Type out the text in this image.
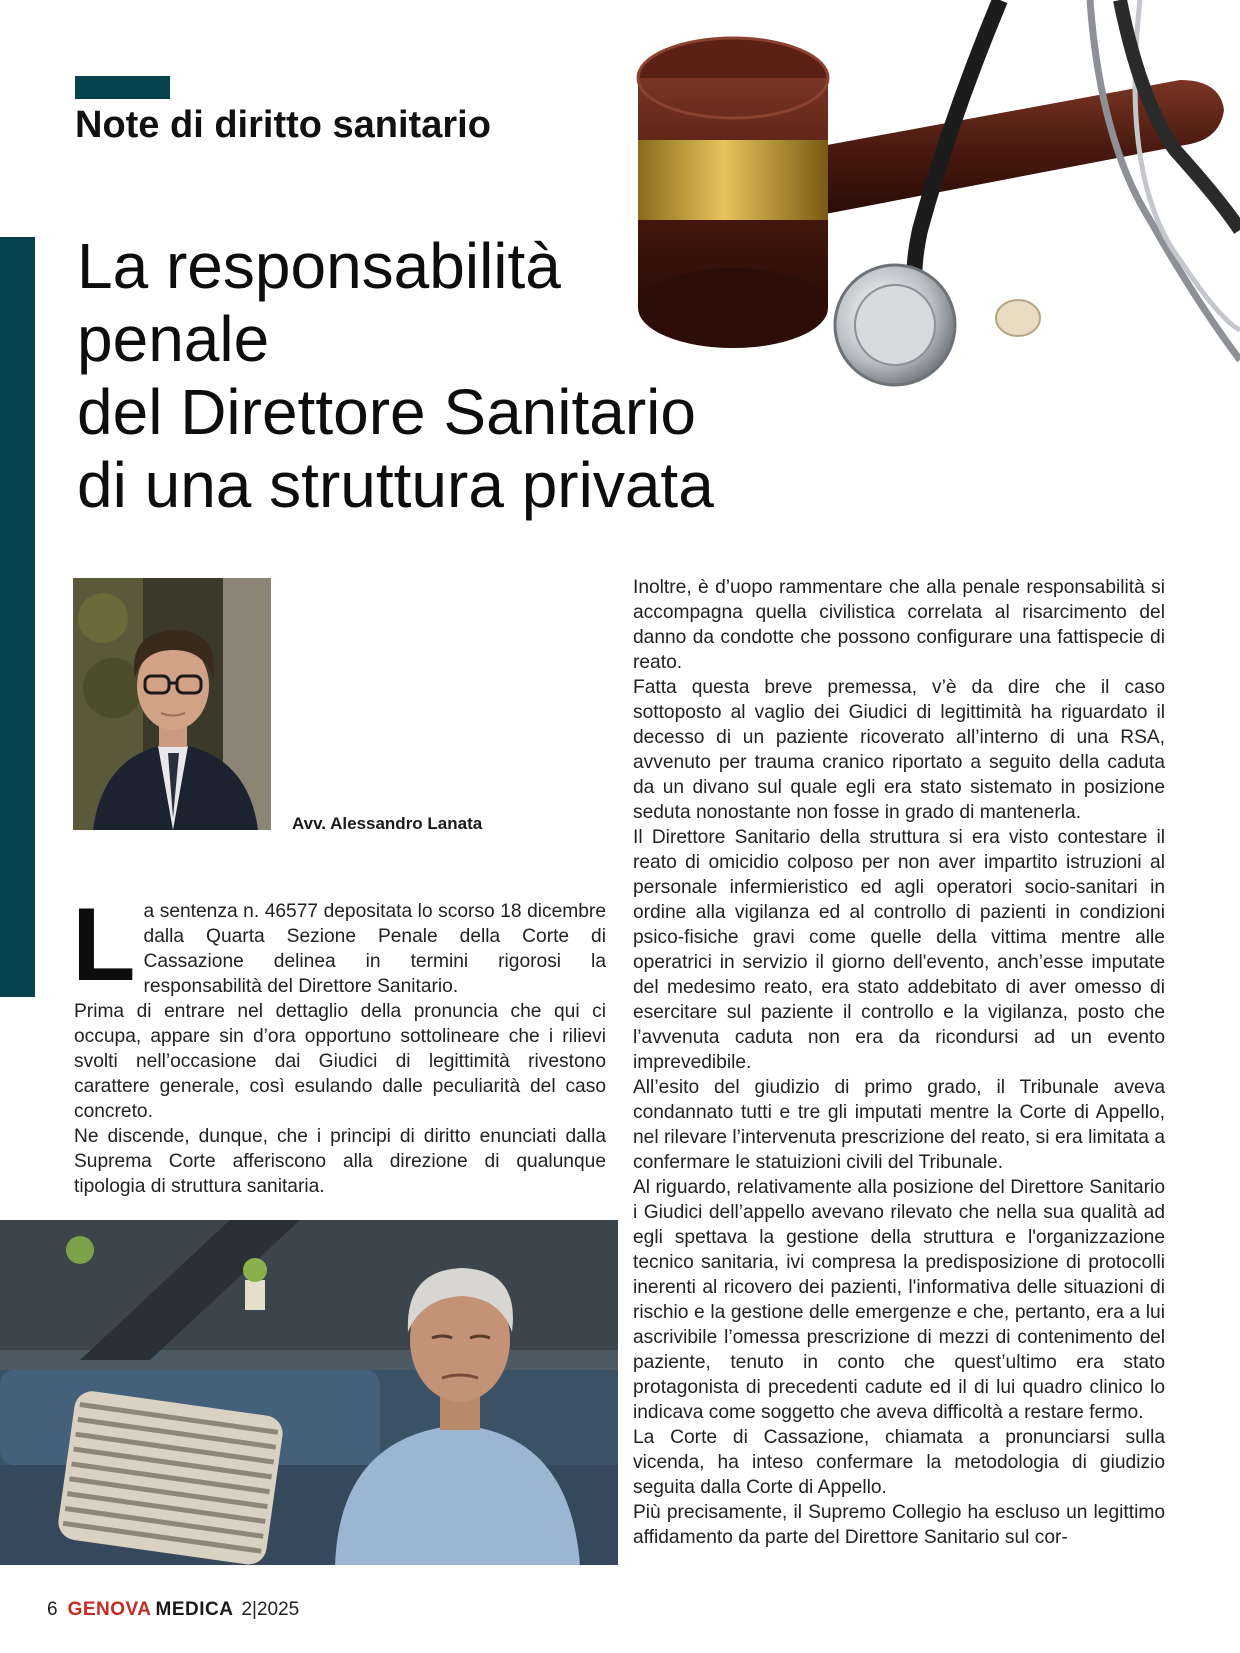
Note di diritto sanitario
La responsabilità
penale
del Direttore Sanitario
di una struttura privata

Avv. Alessandro Lanata

La sentenza n. 46577 depositata lo scorso 18 dicembre dalla Quarta Sezione Penale della Corte di Cassazione delinea in termini rigorosi la responsabilità del Direttore Sanitario.

Prima di entrare nel dettaglio della pronuncia che qui ci occupa, appare sin d’ora opportuno sottolineare che i rilievi svolti nell’occasione dai Giudici di legittimità rivestono carattere generale, così esulando dalle peculiarità del caso concreto.

Ne discende, dunque, che i principi di diritto enunciati dalla Suprema Corte afferiscono alla direzione di qualunque tipologia di struttura sanitaria.

Inoltre, è d’uopo rammentare che alla penale responsabilità si accompagna quella civilistica correlata al risarcimento del danno da condotte che possono configurare una fattispecie di reato.

Fatta questa breve premessa, v’è da dire che il caso sottoposto al vaglio dei Giudici di legittimità ha riguardato il decesso di un paziente ricoverato all’interno di una RSA, avvenuto per trauma cranico riportato a seguito della caduta da un divano sul quale egli era stato sistemato in posizione seduta nonostante non fosse in grado di mantenerla.

Il Direttore Sanitario della struttura si era visto contestare il reato di omicidio colposo per non aver impartito istruzioni al personale infermieristico ed agli operatori socio-sanitari in ordine alla vigilanza ed al controllo di pazienti in condizioni psico-fisiche gravi come quelle della vittima mentre alle operatrici in servizio il giorno dell'evento, anch’esse imputate del medesimo reato, era stato addebitato di aver omesso di esercitare sul paziente il controllo e la vigilanza, posto che l’avvenuta caduta non era da ricondursi ad un evento imprevedibile.

All’esito del giudizio di primo grado, il Tribunale aveva condannato tutti e tre gli imputati mentre la Corte di Appello, nel rilevare l’intervenuta prescrizione del reato, si era limitata a confermare le statuizioni civili del Tribunale.

Al riguardo, relativamente alla posizione del Direttore Sanitario i Giudici dell’appello avevano rilevato che nella sua qualità ad egli spettava la gestione della struttura e l'organizzazione tecnico sanitaria, ivi compresa la predisposizione di protocolli inerenti al ricovero dei pazienti, l'informativa delle situazioni di rischio e la gestione delle emergenze e che, pertanto, era a lui ascrivibile l’omessa prescrizione di mezzi di contenimento del paziente, tenuto in conto che quest’ultimo era stato protagonista di precedenti cadute ed il di lui quadro clinico lo indicava come soggetto che aveva difficoltà a restare fermo.

La Corte di Cassazione, chiamata a pronunciarsi sulla vicenda, ha inteso confermare la metodologia di giudizio seguita dalla Corte di Appello.

Più precisamente, il Supremo Collegio ha escluso un legittimo affidamento da parte del Direttore Sanitario sul cor-

6 GENOVA MEDICA 2|2025
